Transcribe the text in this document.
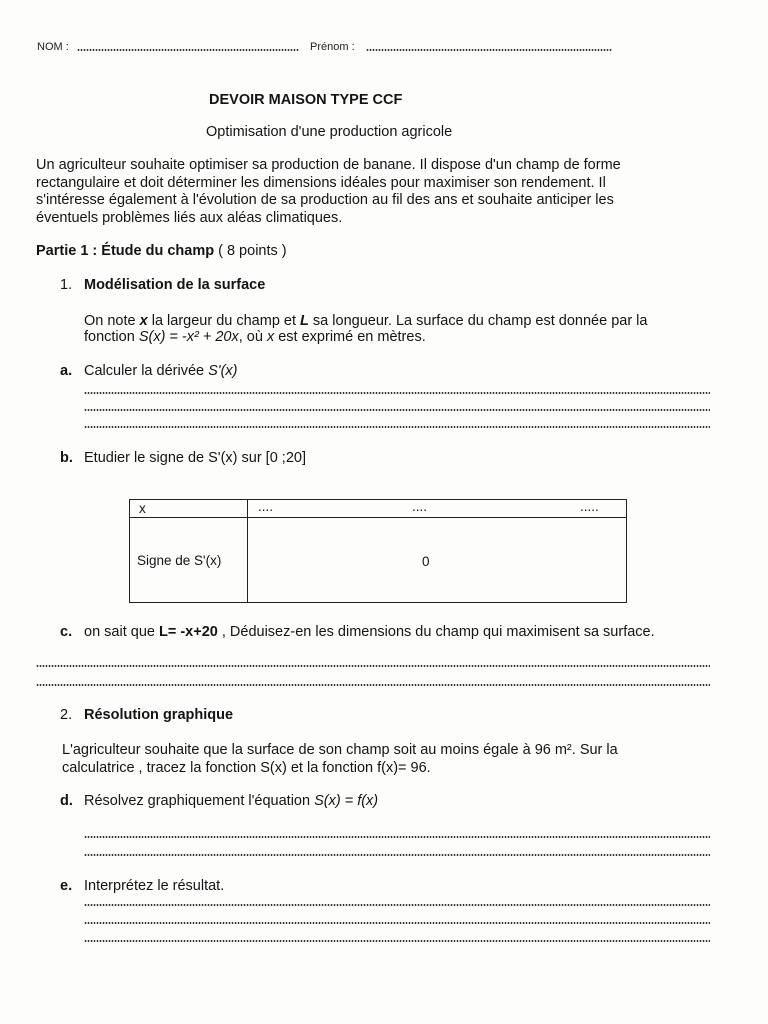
NOM :	Prénom :
DEVOIR MAISON TYPE CCF
Optimisation d'une production agricole
Un agriculteur souhaite optimiser sa production de banane. Il dispose d'un champ de forme
rectangulaire et doit déterminer les dimensions idéales pour maximiser son rendement. Il
s'intéresse également à l'évolution de sa production au fil des ans et souhaite anticiper les
éventuels problèmes liés aux aléas climatiques.
Partie 1 : Étude du champ ( 8 points )
1. Modélisation de la surface
On note x la largeur du champ et L sa longueur. La surface du champ est donnée par la
fonction S(x) = -x² + 20x, où x est exprimé en mètres.
a. Calculer la dérivée S'(x)
b. Etudier le signe de S'(x) sur [0 ;20]
x	....	....	.....
Signe de S'(x)	0
c. on sait que L= -x+20 , Déduisez-en les dimensions du champ qui maximisent sa surface.
2. Résolution graphique
L'agriculteur souhaite que la surface de son champ soit au moins égale à 96 m². Sur la
calculatrice , tracez la fonction S(x) et la fonction f(x)= 96.
d. Résolvez graphiquement l'équation S(x) = f(x)
e. Interprétez le résultat.
